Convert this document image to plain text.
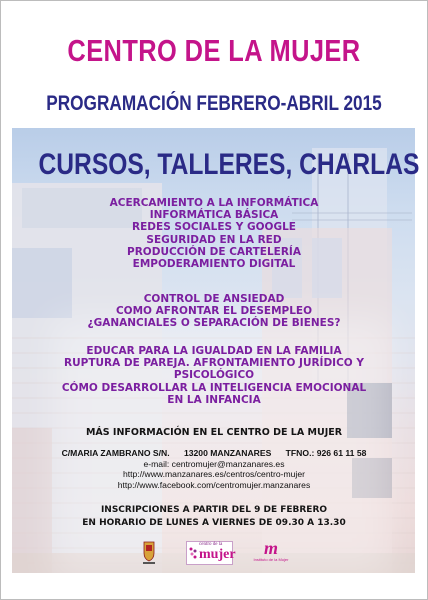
CENTRO DE LA MUJER
PROGRAMACIÓN FEBRERO-ABRIL 2015
CURSOS, TALLERES, CHARLAS
ACERCAMIENTO A LA INFORMÁTICA
INFORMÁTICA BÁSICA
REDES SOCIALES Y GOOGLE
SEGURIDAD EN LA RED
PRODUCCIÓN DE CARTELERÍA
EMPODERAMIENTO DIGITAL
CONTROL DE ANSIEDAD
COMO AFRONTAR EL DESEMPLEO
¿GANANCIALES O SEPARACIÓN DE BIENES?
EDUCAR PARA LA IGUALDAD EN LA FAMILIA
RUPTURA DE PAREJA. AFRONTAMIENTO JURÍDICO Y
PSICOLÓGICO
CÓMO DESARROLLAR LA INTELIGENCIA EMOCIONAL
EN LA INFANCIA
MÁS INFORMACIÓN EN EL CENTRO DE LA MUJER
C/MARIA ZAMBRANO S/N.      13200 MANZANARES      TFNO.: 926 61 11 58
e-mail: centromujer@manzanares.es
http://www.manzanares.es/centros/centro-mujer
http://www.facebook.com/centromujer.manzanares
INSCRIPCIONES A PARTIR DEL 9 DE FEBRERO
EN HORARIO DE LUNES A VIERNES DE 09.30 A 13.30
centro de la
mujer	m
Instituto de la Mujer
